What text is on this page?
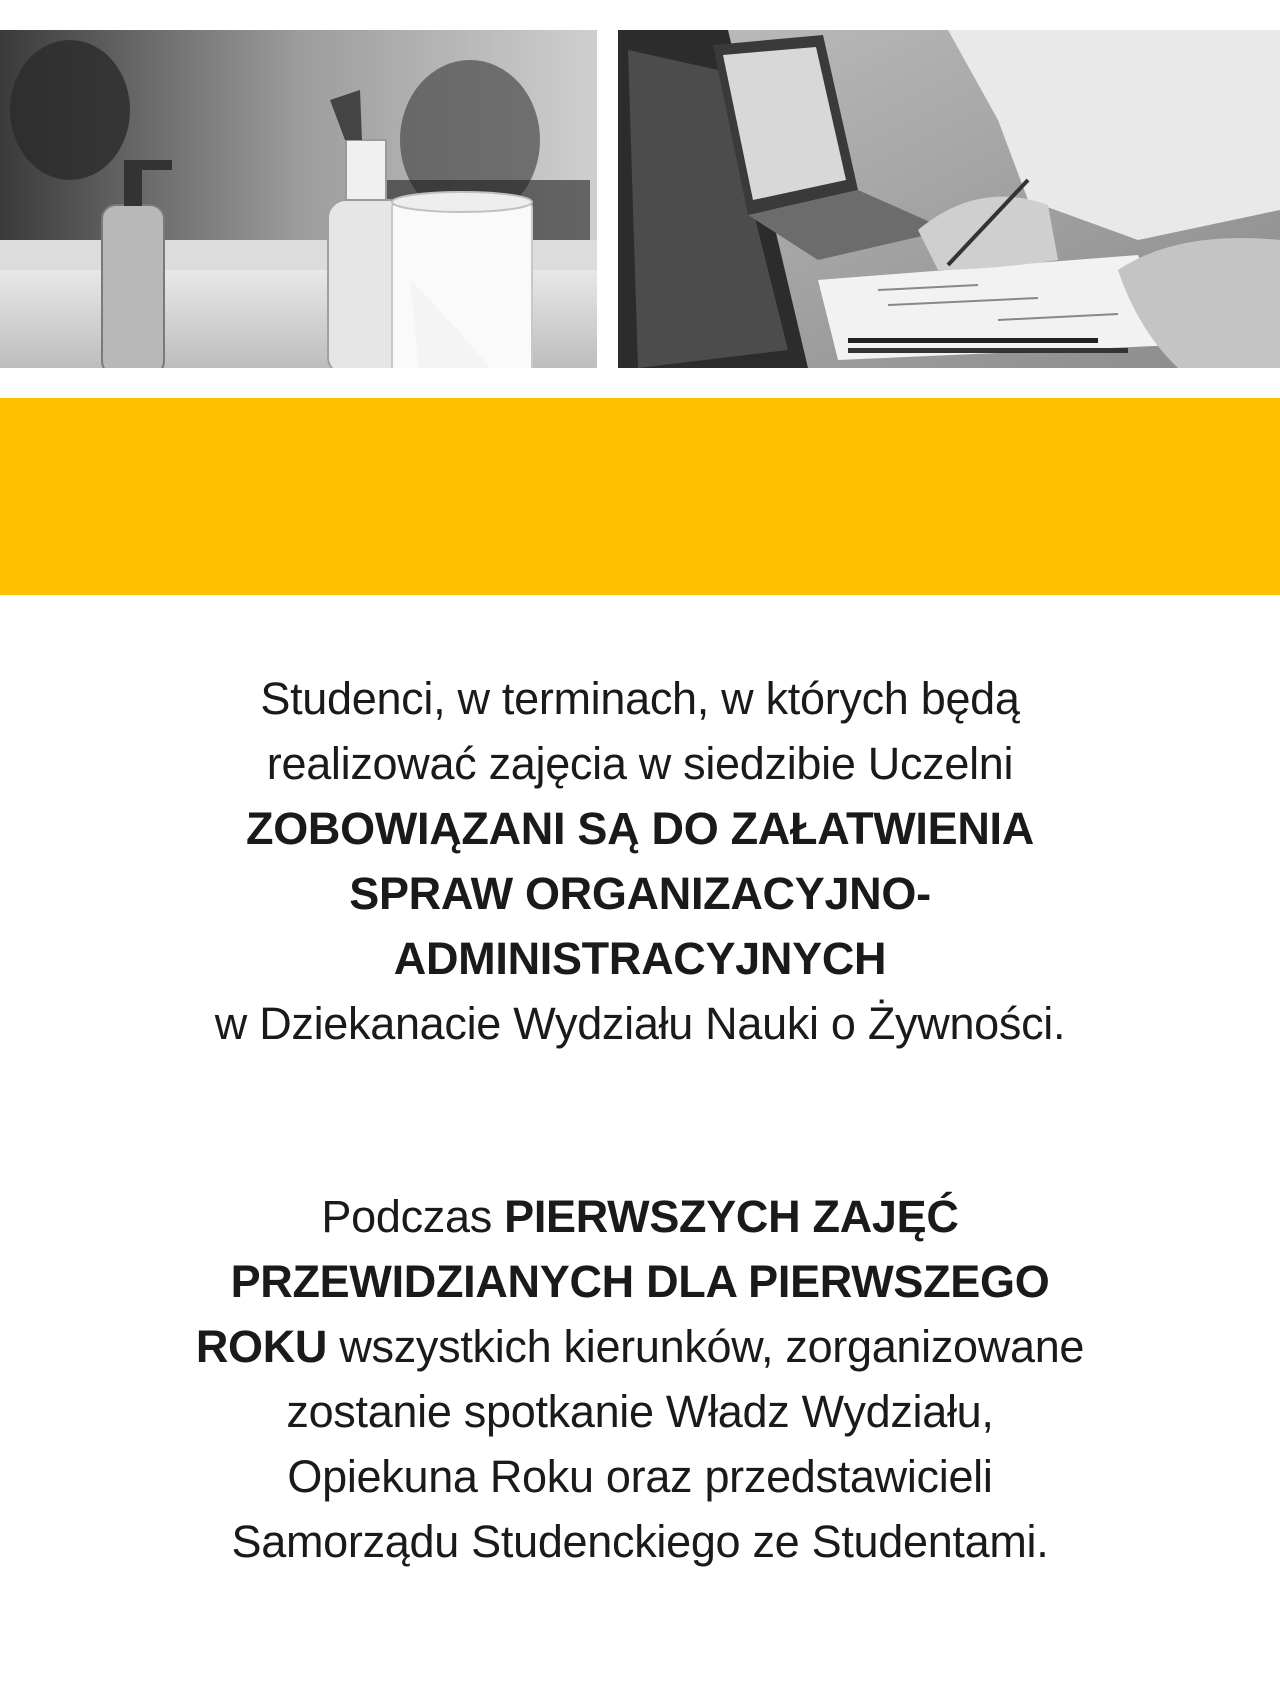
Studenci, w terminach, w których będą
realizować zajęcia w siedzibie Uczelni
ZOBOWIĄZANI SĄ DO ZAŁATWIENIA
SPRAW ORGANIZACYJNO-
ADMINISTRACYJNYCH
w Dziekanacie Wydziału Nauki o Żywności.
Podczas PIERWSZYCH ZAJĘĆ
PRZEWIDZIANYCH DLA PIERWSZEGO
ROKU wszystkich kierunków, zorganizowane
zostanie spotkanie Władz Wydziału,
Opiekuna Roku oraz przedstawicieli
Samorządu Studenckiego ze Studentami.
